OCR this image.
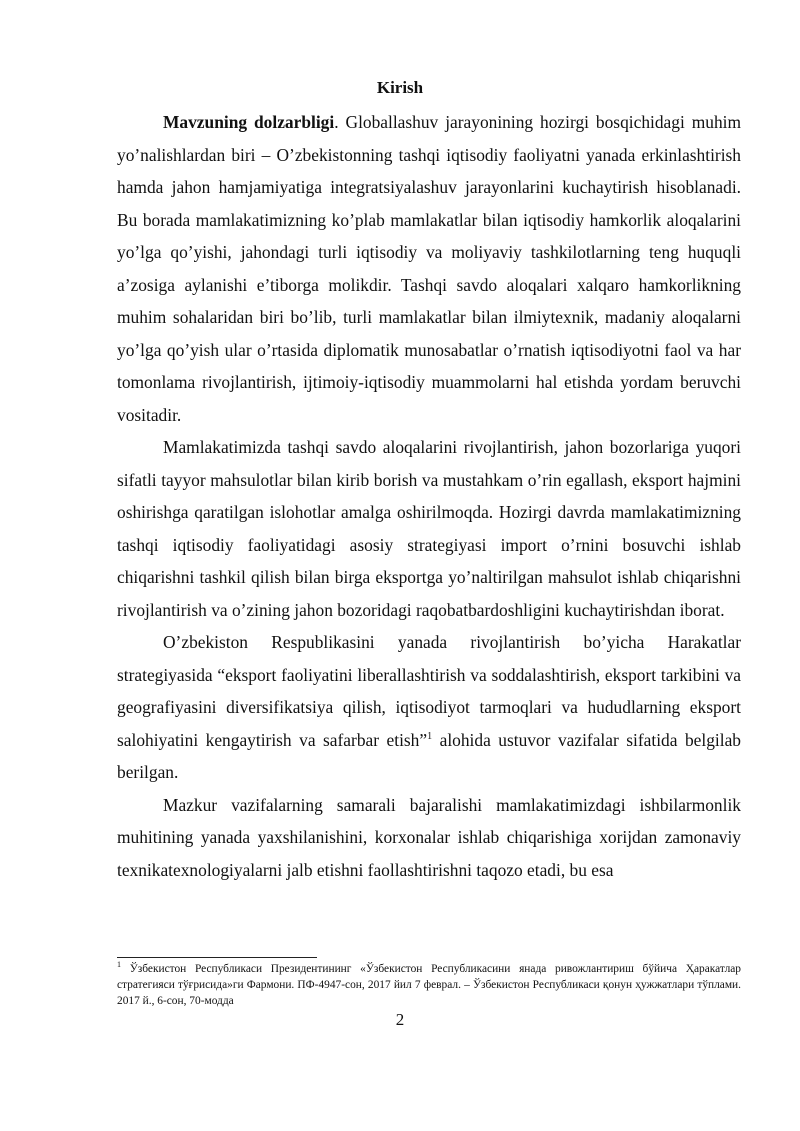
Kirish

Mavzuning dolzarbligi. Globallashuv jarayonining hozirgi bosqichidagi muhim yo’nalishlardan biri – O’zbekistonning tashqi iqtisodiy faoliyatni yanada erkinlashtirish hamda jahon hamjamiyatiga integratsiyalashuv jarayonlarini kuchaytirish hisoblanadi. Bu borada mamlakatimizning ko’plab mamlakatlar bilan iqtisodiy hamkorlik aloqalarini yo’lga qo’yishi, jahondagi turli iqtisodiy va moliyaviy tashkilotlarning teng huquqli a’zosiga aylanishi e’tiborga molikdir. Tashqi savdo aloqalari xalqaro hamkorlikning muhim sohalaridan biri bo’lib, turli mamlakatlar bilan ilmiytexnik, madaniy aloqalarni yo’lga qo’yish ular o’rtasida diplomatik munosabatlar o’rnatish iqtisodiyotni faol va har tomonlama rivojlantirish, ijtimoiy-iqtisodiy muammolarni hal etishda yordam beruvchi vositadir.

Mamlakatimizda tashqi savdo aloqalarini rivojlantirish, jahon bozorlariga yuqori sifatli tayyor mahsulotlar bilan kirib borish va mustahkam o’rin egallash, eksport hajmini oshirishga qaratilgan islohotlar amalga oshirilmoqda. Hozirgi davrda mamlakatimizning tashqi iqtisodiy faoliyatidagi asosiy strategiyasi import o’rnini bosuvchi ishlab chiqarishni tashkil qilish bilan birga eksportga yo’naltirilgan mahsulot ishlab chiqarishni rivojlantirish va o’zining jahon bozoridagi raqobatbardoshligini kuchaytirishdan iborat.

O’zbekiston Respublikasini yanada rivojlantirish bo’yicha Harakatlar strategiyasida “eksport faoliyatini liberallashtirish va soddalashtirish, eksport tarkibini va geografiyasini diversifikatsiya qilish, iqtisodiyot tarmoqlari va hududlarning eksport salohiyatini kengaytirish va safarbar etish”$^1$ alohida ustuvor vazifalar sifatida belgilab berilgan.

Mazkur vazifalarning samarali bajaralishi mamlakatimizdagi ishbilarmonlik muhitining yanada yaxshilanishini, korxonalar ishlab chiqarishiga xorijdan zamonaviy texnikatexnologiyalarni jalb etishni faollashtirishni taqozo etadi, bu esa

$^1$ Ўзбекистон Республикаси Президентининг «Ўзбекистон Республикасини янада ривожлантириш бўйича Ҳаракатлар стратегияси тўғрисида»ги Фармони. ПФ-4947-сон, 2017 йил 7 феврал. – Ўзбекистон Республикаси қонун ҳужжатлари тўплами. 2017 й., 6-сон, 70-модда
2
